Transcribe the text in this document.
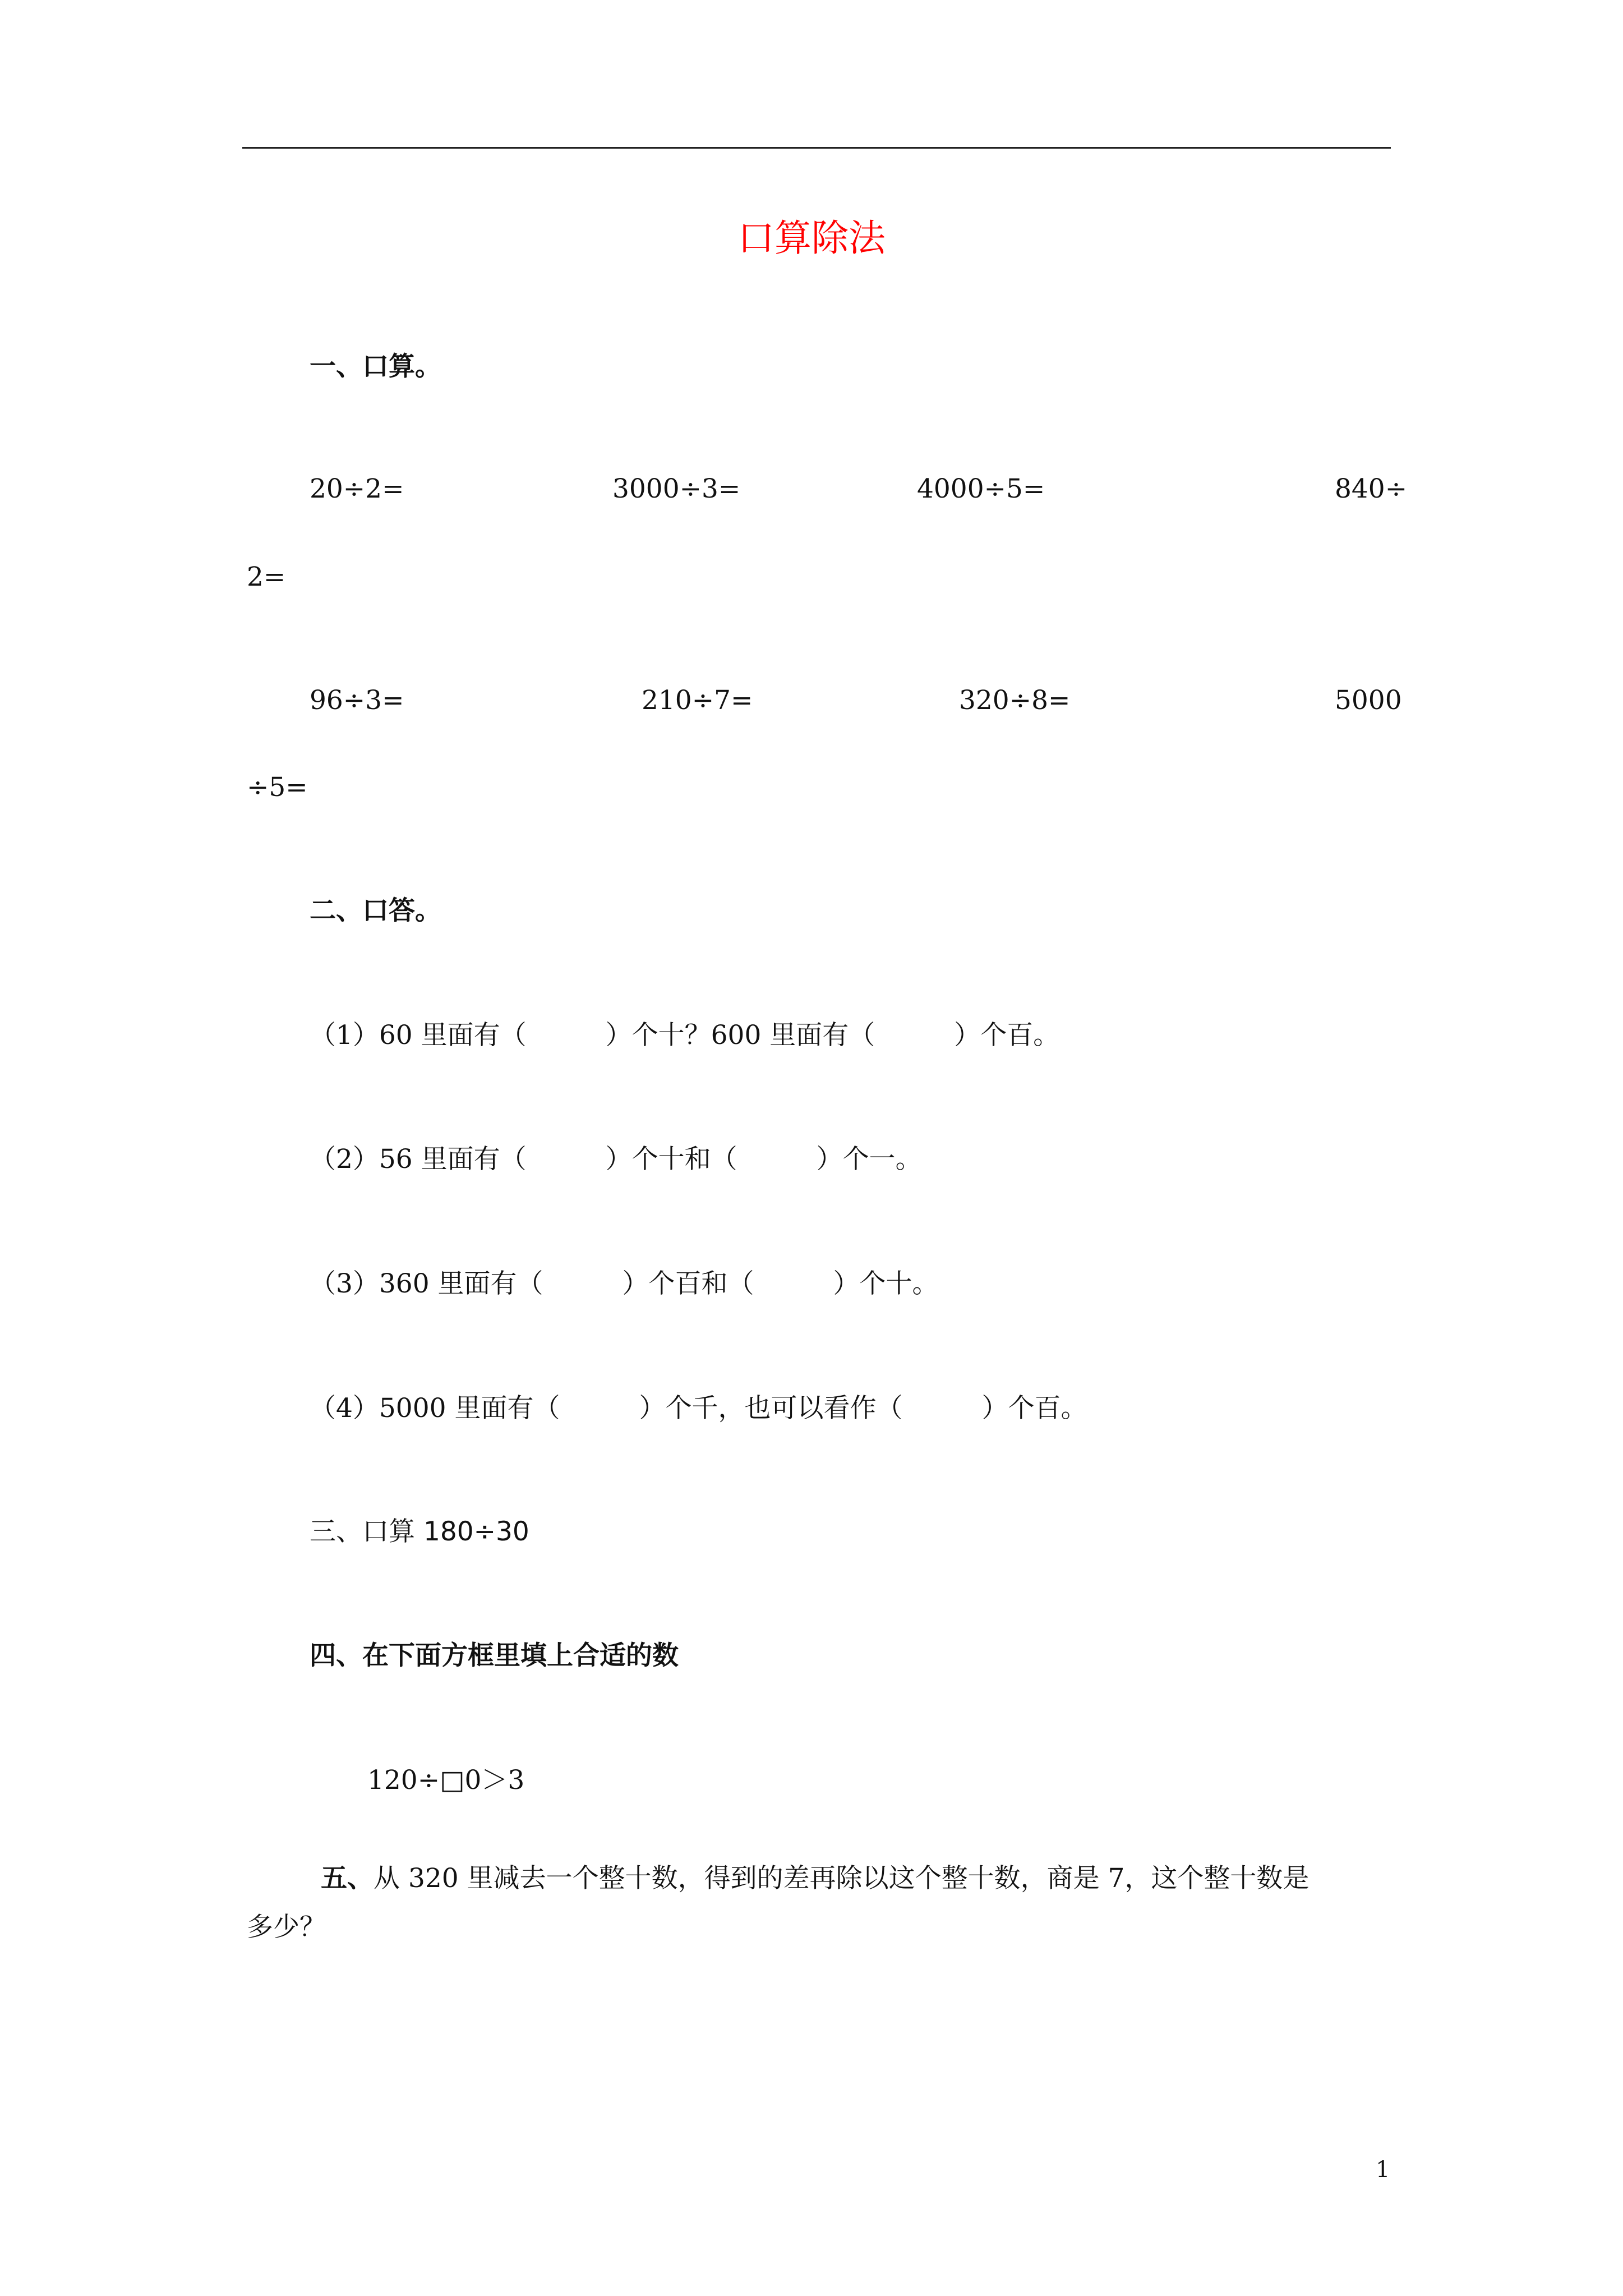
口算除法
一、口算。
20÷2=	3000÷3=	4000÷5=	840÷
2=
96÷3=	210÷7=	320÷8=	5000
÷5=
二、口答。
（1）60 里面有（　　　）个十？600 里面有（　　　）个百。
（2）56 里面有（　　　）个十和（　　　）个一。
（3）360 里面有（　　　）个百和（　　　）个十。
（4）5000 里面有（　　　）个千，也可以看作（　　　）个百。
三、口算 180÷30
四、在下面方框里填上合适的数
120÷□0＞3
五、从 320 里减去一个整十数，得到的差再除以这个整十数，商是 7，这个整十数是
多少？
1
